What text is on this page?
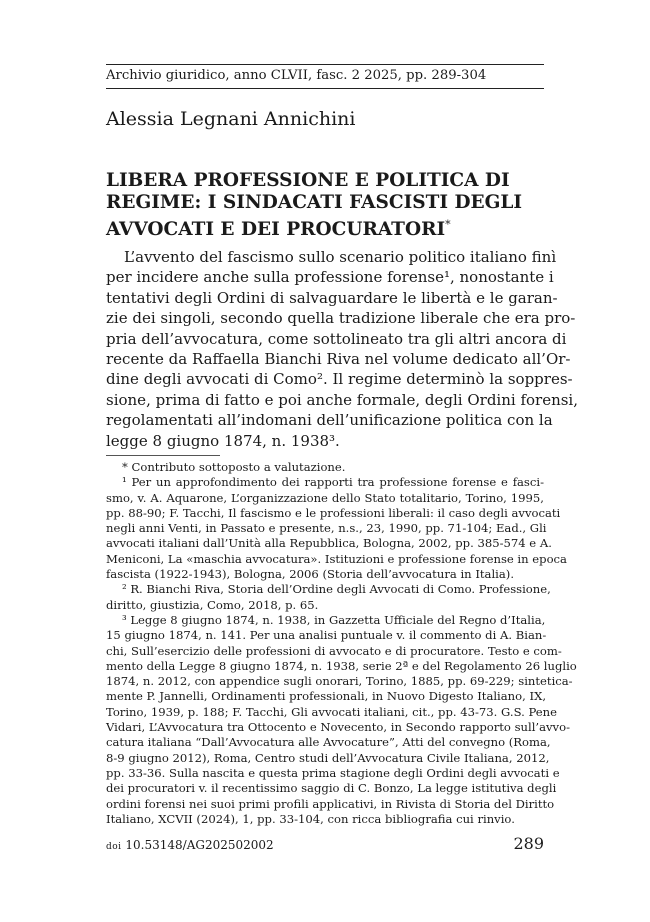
Archivio giuridico, anno CLVII, fasc. 2 2025, pp. 289-304
Alessia Legnani Annichini
LIBERA PROFESSIONE E POLITICA DI
REGIME: I SINDACATI FASCISTI DEGLI
AVVOCATI E DEI PROCURATORI*
L’avvento del fascismo sullo scenario politico italiano finì
per incidere anche sulla professione forense¹, nonostante i
tentativi degli Ordini di salvaguardare le libertà e le garan-
zie dei singoli, secondo quella tradizione liberale che era pro-
pria dell’avvocatura, come sottolineato tra gli altri ancora di
recente da Raffaella Bianchi Riva nel volume dedicato all’Or-
dine degli avvocati di Como². Il regime determinò la soppres-
sione, prima di fatto e poi anche formale, degli Ordini forensi,
regolamentati all’indomani dell’unificazione politica con la
legge 8 giugno 1874, n. 1938³.
* Contributo sottoposto a valutazione.
¹ Per un approfondimento dei rapporti tra professione forense e fasci-
smo, v. A. Aquarone, L’organizzazione dello Stato totalitario, Torino, 1995,
pp. 88-90; F. Tacchi, Il fascismo e le professioni liberali: il caso degli avvocati
negli anni Venti, in Passato e presente, n.s., 23, 1990, pp. 71-104; Ead., Gli
avvocati italiani dall’Unità alla Repubblica, Bologna, 2002, pp. 385-574 e A.
Meniconi, La «maschia avvocatura». Istituzioni e professione forense in epoca
fascista (1922-1943), Bologna, 2006 (Storia dell’avvocatura in Italia).
² R. Bianchi Riva, Storia dell’Ordine degli Avvocati di Como. Professione,
diritto, giustizia, Como, 2018, p. 65.
³ Legge 8 giugno 1874, n. 1938, in Gazzetta Ufficiale del Regno d’Italia,
15 giugno 1874, n. 141. Per una analisi puntuale v. il commento di A. Bian-
chi, Sull’esercizio delle professioni di avvocato e di procuratore. Testo e com-
mento della Legge 8 giugno 1874, n. 1938, serie 2ª e del Regolamento 26 luglio
1874, n. 2012, con appendice sugli onorari, Torino, 1885, pp. 69-229; sintetica-
mente P. Jannelli, Ordinamenti professionali, in Nuovo Digesto Italiano, IX,
Torino, 1939, p. 188; F. Tacchi, Gli avvocati italiani, cit., pp. 43-73. G.S. Pene
Vidari, L’Avvocatura tra Ottocento e Novecento, in Secondo rapporto sull’avvo-
catura italiana “Dall’Avvocatura alle Avvocature”, Atti del convegno (Roma,
8-9 giugno 2012), Roma, Centro studi dell’Avvocatura Civile Italiana, 2012,
pp. 33-36. Sulla nascita e questa prima stagione degli Ordini degli avvocati e
dei procuratori v. il recentissimo saggio di C. Bonzo, La legge istitutiva degli
ordini forensi nei suoi primi profili applicativi, in Rivista di Storia del Diritto
Italiano, XCVII (2024), 1, pp. 33-104, con ricca bibliografia cui rinvio.
doi 10.53148/AG202502002	289
